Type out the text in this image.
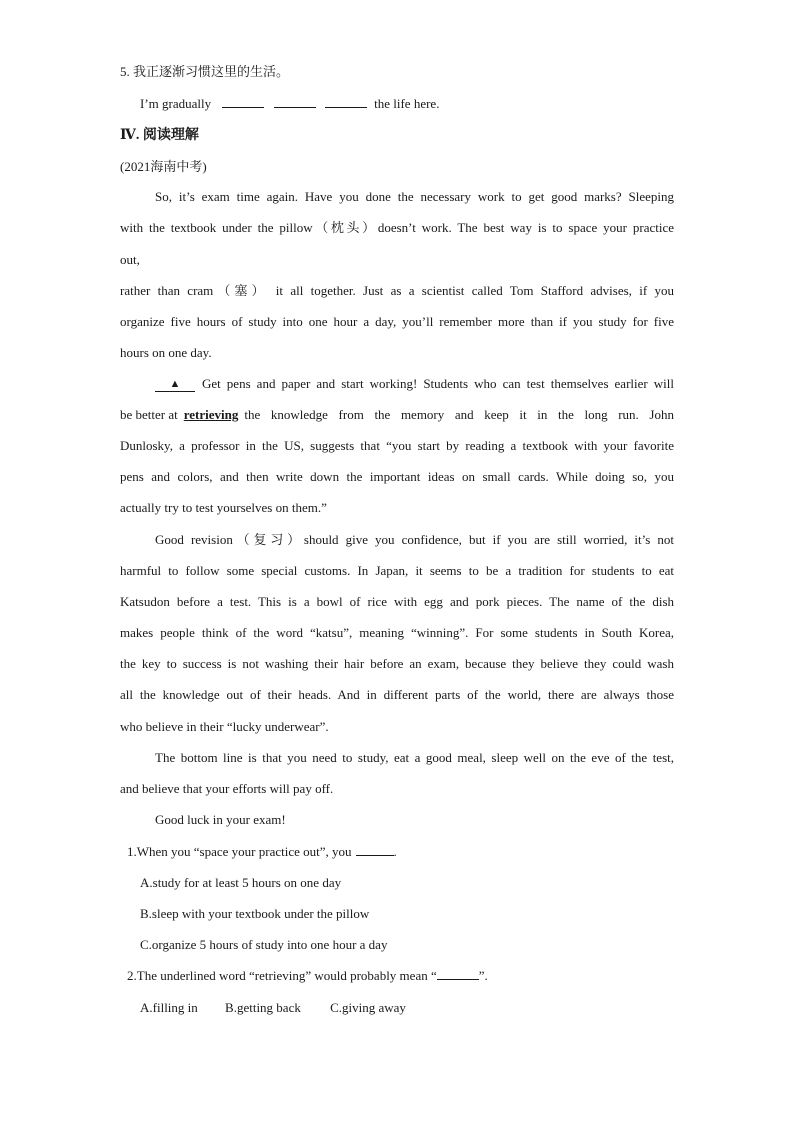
5. 我正逐渐习惯这里的生活。
I’m gradually	the life here.
Ⅳ. 阅读理解
(2021海南中考)
So, it’s exam time again. Have you done the necessary work to get good marks? Sleeping
with the textbook under the pillow（枕头）doesn’t work. The best way is to space your practice
out,
rather than cram（塞） it all together. Just as a scientist called Tom Stafford advises, if you
organize five hours of study into one hour a day, you’ll remember more than if you study for five
hours on one day.
▲	Get pens and paper and start working! Students who can test themselves earlier will
be better at retrieving the knowledge from the memory and keep it in the long run. John
Dunlosky, a professor in the US, suggests that “you start by reading a textbook with your favorite
pens and colors, and then write down the important ideas on small cards. While doing so, you
actually try to test yourselves on them.”
Good revision（复习）should give you confidence, but if you are still worried, it’s not
harmful to follow some special customs. In Japan, it seems to be a tradition for students to eat
Katsudon before a test. This is a bowl of rice with egg and pork pieces. The name of the dish
makes people think of the word “katsu”, meaning “winning”. For some students in South Korea,
the key to success is not washing their hair before an exam, because they believe they could wash
all the knowledge out of their heads. And in different parts of the world, there are always those
who believe in their “lucky underwear”.
The bottom line is that you need to study, eat a good meal, sleep well on the eve of the test,
and believe that your efforts will pay off.
Good luck in your exam!
1.When you “space your practice out”, you	.
A.study for at least 5 hours on one day
B.sleep with your textbook under the pillow
C.organize 5 hours of study into one hour a day
2.The underlined word “retrieving” would probably mean “	”.
A.filling in B.getting back C.giving away
